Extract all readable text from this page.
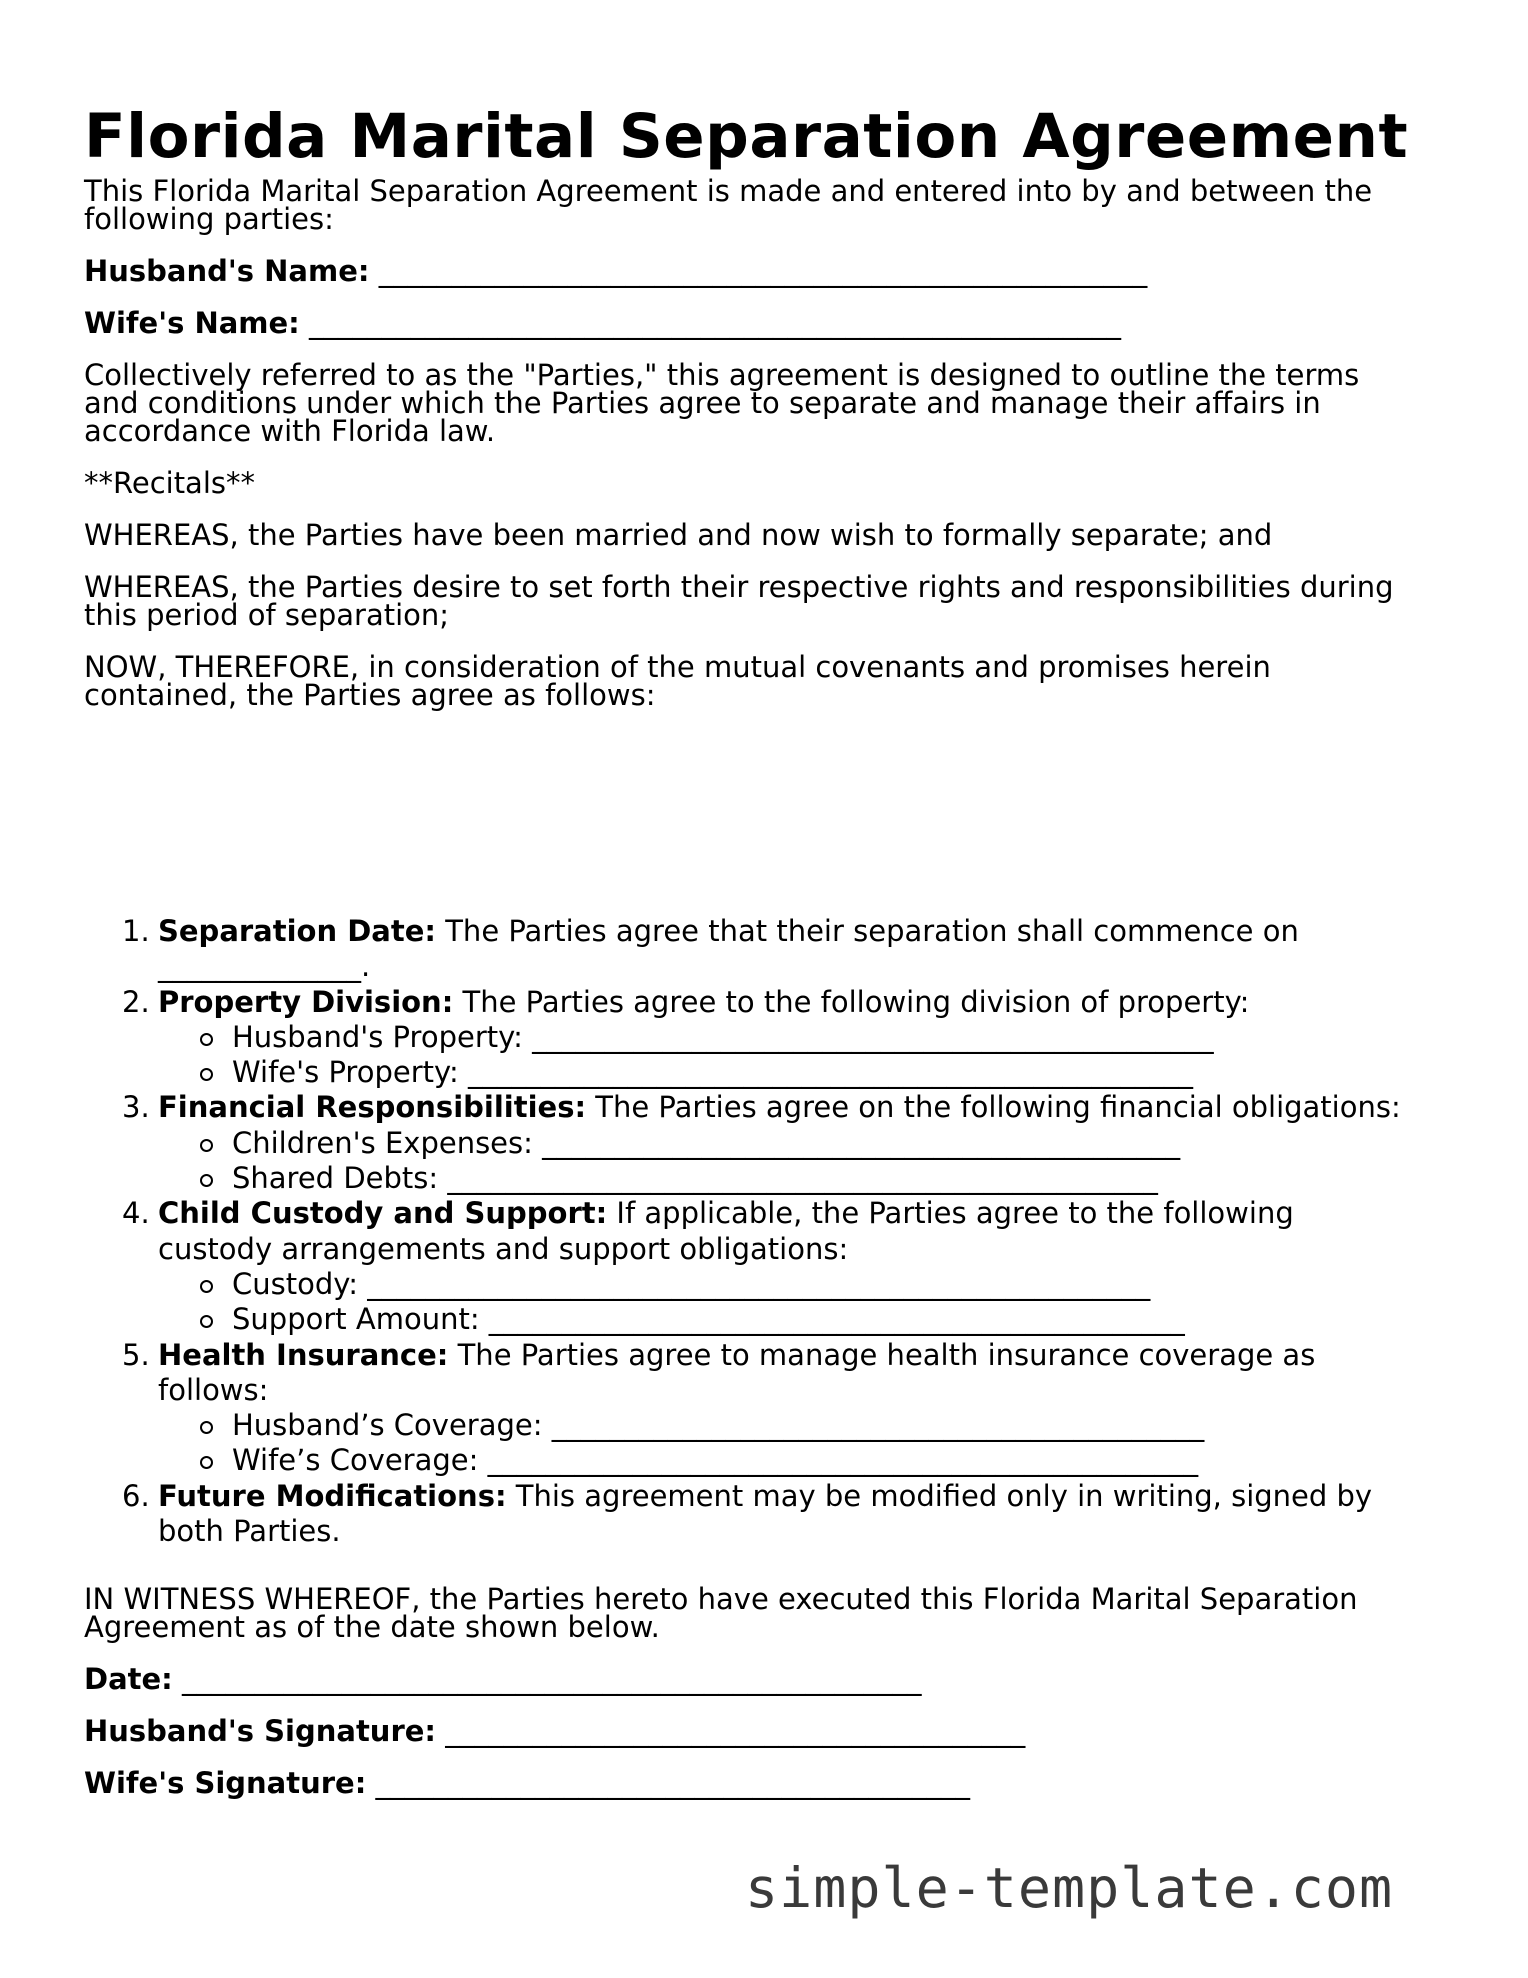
Florida Marital Separation Agreement

This Florida Marital Separation Agreement is made and entered into by and between the

following parties:

Husband's Name: _____________________________________________________

Wife's Name: ________________________________________________________

Collectively referred to as the "Parties," this agreement is designed to outline the terms

and conditions under which the Parties agree to separate and manage their affairs in

accordance with Florida law.

**Recitals**

WHEREAS, the Parties have been married and now wish to formally separate; and

WHEREAS, the Parties desire to set forth their respective rights and responsibilities during

this period of separation;

NOW, THEREFORE, in consideration of the mutual covenants and promises herein

contained, the Parties agree as follows:

1. Separation Date: The Parties agree that their separation shall commence on
______________.
2. Property Division: The Parties agree to the following division of property:
Husband's Property: _______________________________________________
Wife's Property: __________________________________________________
3. Financial Responsibilities: The Parties agree on the following financial obligations:
Children's Expenses: ____________________________________________
Shared Debts: _________________________________________________
4. Child Custody and Support: If applicable, the Parties agree to the following
custody arrangements and support obligations:
Custody: ______________________________________________________
Support Amount: ________________________________________________
5. Health Insurance: The Parties agree to manage health insurance coverage as
follows:
Husband’s Coverage: _____________________________________________
Wife’s Coverage: _________________________________________________
6. Future Modifications: This agreement may be modified only in writing, signed by
both Parties.

IN WITNESS WHEREOF, the Parties hereto have executed this Florida Marital Separation

Agreement as of the date shown below.

Date: ___________________________________________________

Husband's Signature: ________________________________________

Wife's Signature: _________________________________________

simple-template.com
